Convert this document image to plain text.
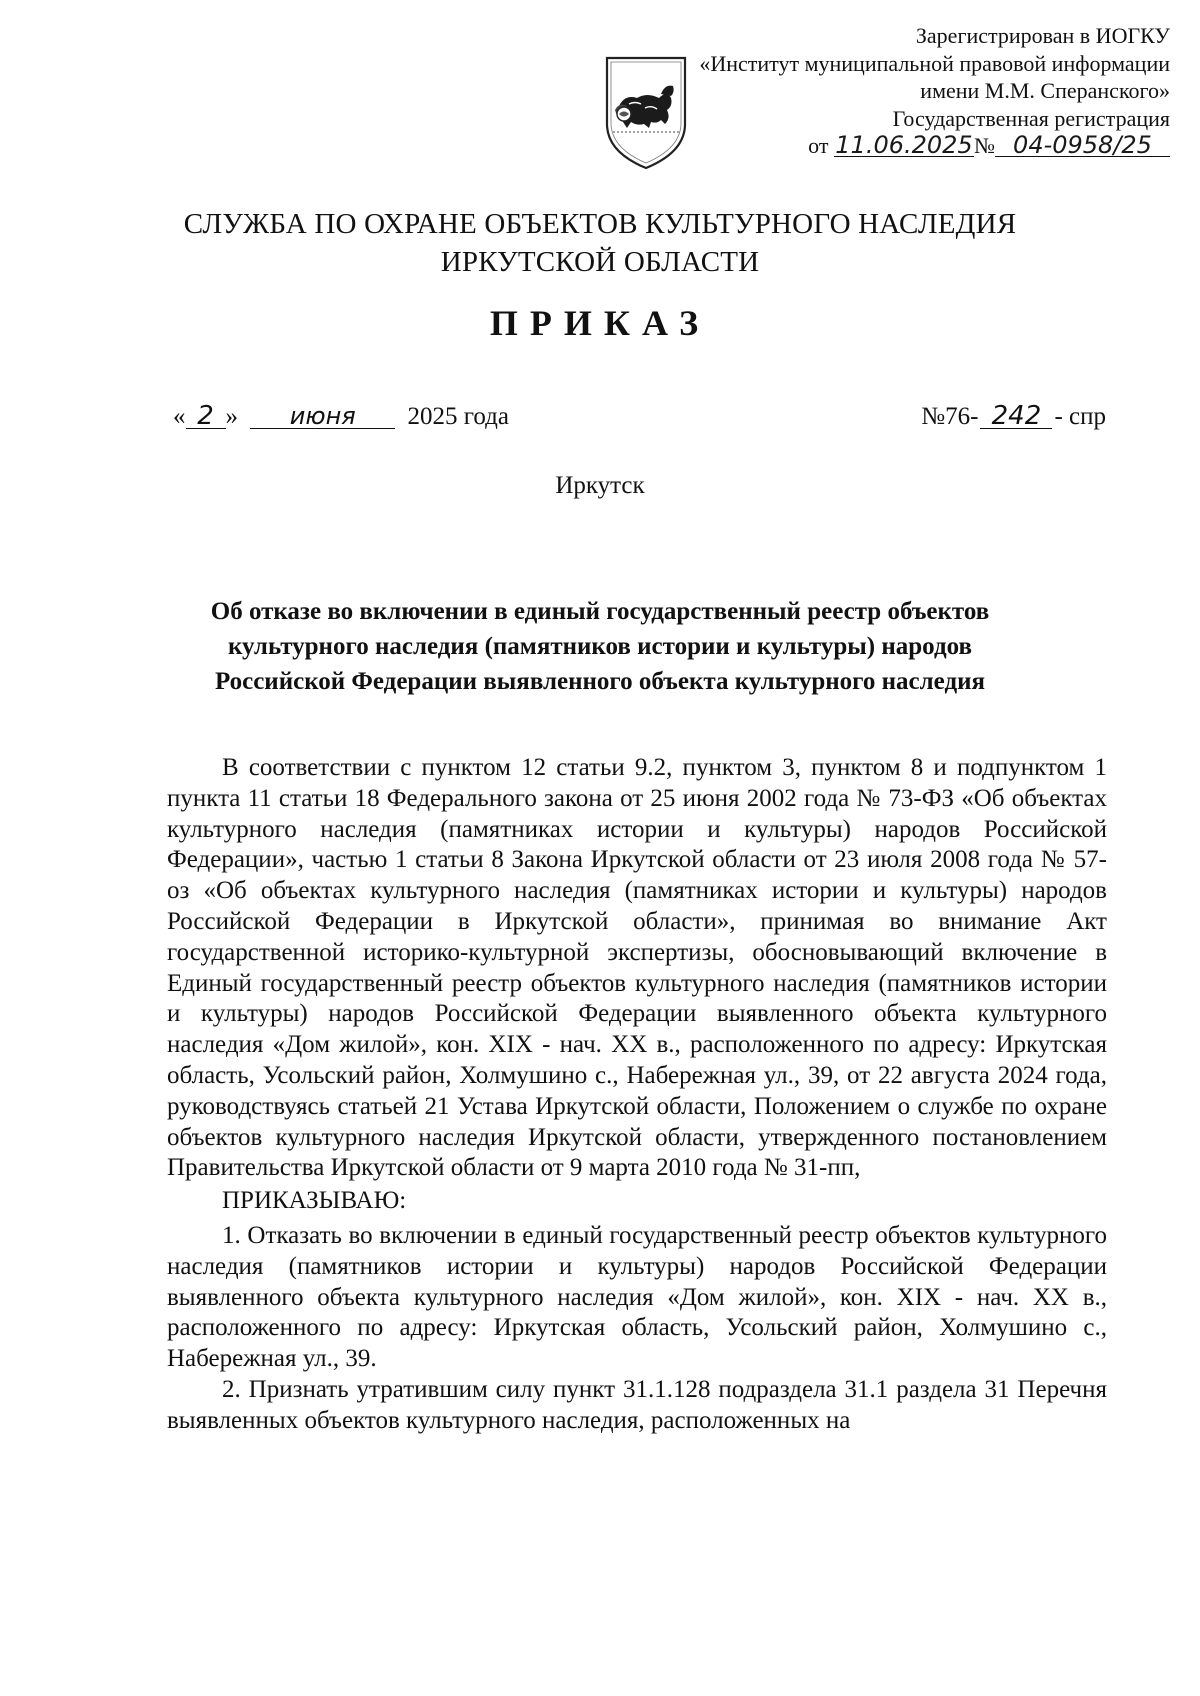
Зарегистрирован в ИОГКУ
«Институт муниципальной правовой информации
имени М.М. Сперанского»
Государственная регистрация
от 11.06.2025№ 04-0958/25
СЛУЖБА ПО ОХРАНЕ ОБЪЕКТОВ КУЛЬТУРНОГО НАСЛЕДИЯ
ИРКУТСКОЙ ОБЛАСТИ
ПРИКАЗ
« 2 » июня 2025 года	№76- 242 - спр
Иркутск
Об отказе во включении в единый государственный реестр объектов
культурного наследия (памятников истории и культуры) народов
Российской Федерации выявленного объекта культурного наследия

В соответствии с пунктом 12 статьи 9.2, пунктом 3, пунктом 8 и подпунктом 1 пункта 11 статьи 18 Федерального закона от 25 июня 2002 года № 73-ФЗ «Об объектах культурного наследия (памятниках истории и культуры) народов Российской Федерации», частью 1 статьи 8 Закона Иркутской области от 23 июля 2008 года № 57-оз «Об объектах культурного наследия (памятниках истории и культуры) народов Российской Федерации в Иркутской области», принимая во внимание Акт государственной историко-культурной экспертизы, обосновывающий включение в Единый государственный реестр объектов культурного наследия (памятников истории и культуры) народов Российской Федерации выявленного объекта культурного наследия «Дом жилой», кон. XIX - нач. XX в., расположенного по адресу: Иркутская область, Усольский район, Холмушино с., Набережная ул., 39, от 22 августа 2024 года, руководствуясь статьей 21 Устава Иркутской области, Положением о службе по охране объектов культурного наследия Иркутской области, утвержденного постановлением Правительства Иркутской области от 9 марта 2010 года № 31-пп,

ПРИКАЗЫВАЮ:

1. Отказать во включении в единый государственный реестр объектов культурного наследия (памятников истории и культуры) народов Российской Федерации выявленного объекта культурного наследия «Дом жилой», кон. XIX - нач. XX в., расположенного по адресу: Иркутская область, Усольский район, Холмушино с., Набережная ул., 39.

2. Признать утратившим силу пункт 31.1.128 подраздела 31.1 раздела 31 Перечня выявленных объектов культурного наследия, расположенных на
